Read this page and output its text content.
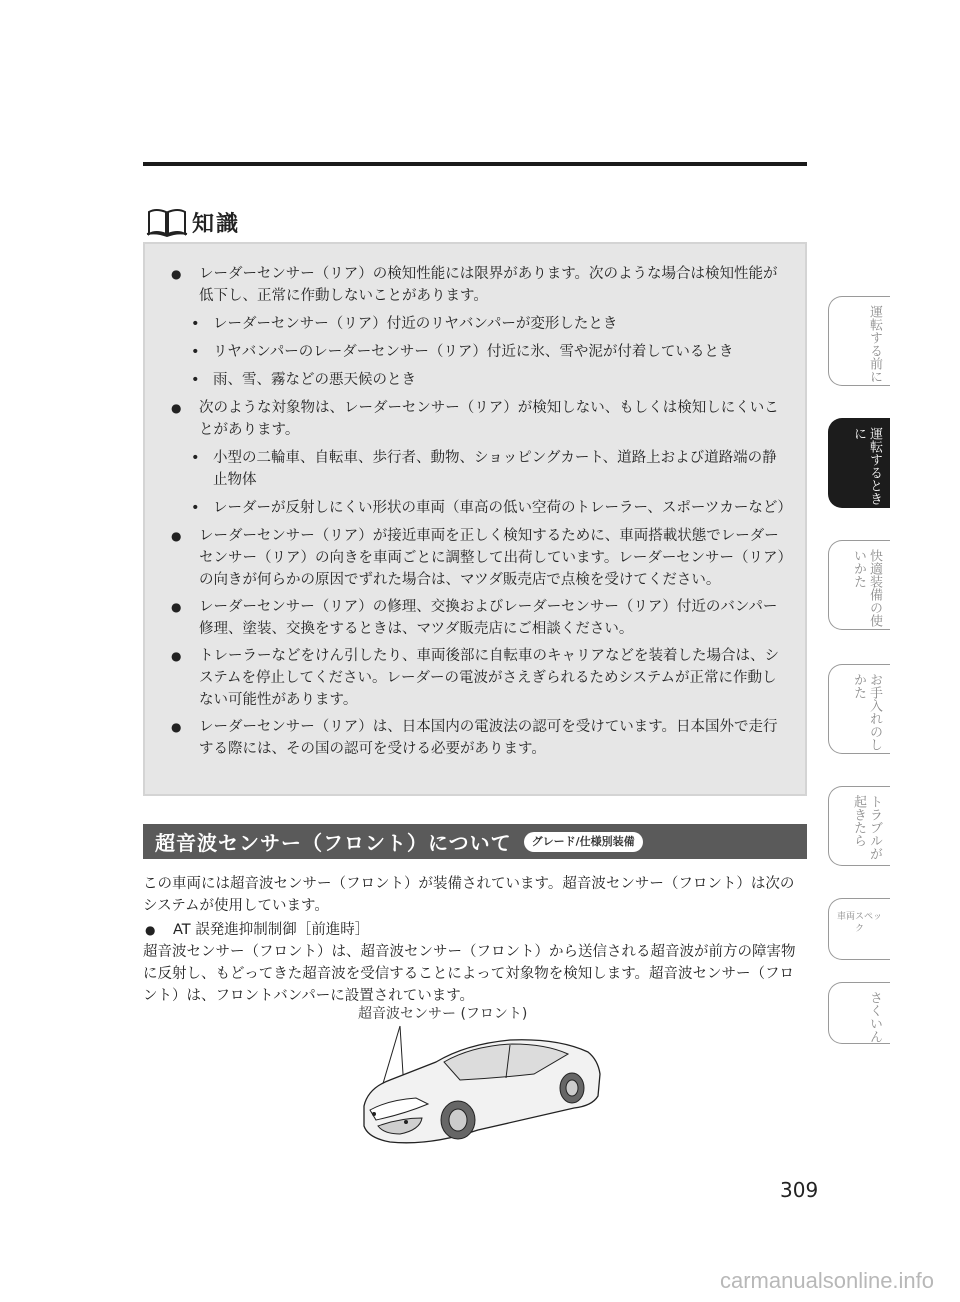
知識
● レーダーセンサー（リア）の検知性能には限界があります。次のような場合は検知性能が低下し、正常に作動しないことがあります。
• レーダーセンサー（リア）付近のリヤバンパーが変形したとき
• リヤバンパーのレーダーセンサー（リア）付近に氷、雪や泥が付着しているとき
• 雨、雪、霧などの悪天候のとき
● 次のような対象物は、レーダーセンサー（リア）が検知しない、もしくは検知しにくいことがあります。
• 小型の二輪車、自転車、歩行者、動物、ショッピングカート、道路上および道路端の静止物体
• レーダーが反射しにくい形状の車両（車高の低い空荷のトレーラー、スポーツカーなど）
● レーダーセンサー（リア）が接近車両を正しく検知するために、車両搭載状態でレーダーセンサー（リア）の向きを車両ごとに調整して出荷しています。レーダーセンサー（リア）の向きが何らかの原因でずれた場合は、マツダ販売店で点検を受けてください。
● レーダーセンサー（リア）の修理、交換およびレーダーセンサー（リア）付近のバンパー修理、塗装、交換をするときは、マツダ販売店にご相談ください。
● トレーラーなどをけん引したり、車両後部に自転車のキャリアなどを装着した場合は、システムを停止してください。レーダーの電波がさえぎられるためシステムが正常に作動しない可能性があります。
● レーダーセンサー（リア）は、日本国内の電波法の認可を受けています。日本国外で走行する際には、その国の認可を受ける必要があります。
超音波センサー（フロント）について	グレード/仕様別装備
この車両には超音波センサー（フロント）が装備されています。超音波センサー（フロント）は次のシステムが使用しています。
● AT 誤発進抑制制御［前進時］
超音波センサー（フロント）は、超音波センサー（フロント）から送信される超音波が前方の障害物に反射し、もどってきた超音波を受信することによって対象物を検知します。超音波センサー（フロント）は、フロントバンパーに設置されています。
超音波センサー (フロント)
309
carmanualsonline.info
運転する前に
運転するときに
快適装備の使いかた
お手入れのしかた
トラブルが起きたら
車両スペック
さくいん
